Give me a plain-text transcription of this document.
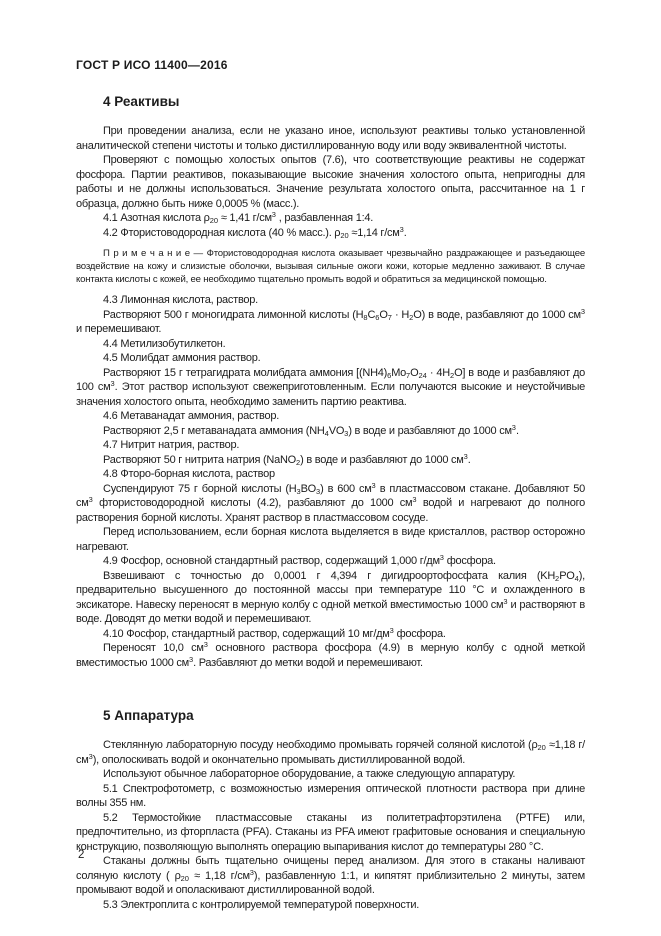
ГОСТ Р ИСО 11400—2016
4 Реактивы
При проведении анализа, если не указано иное, используют реактивы только установленной аналитической степени чистоты и только дистиллированную воду или воду эквивалентной чистоты.
Проверяют с помощью холостых опытов (7.6), что соответствующие реактивы не содержат фосфора. Партии реактивов, показывающие высокие значения холостого опыта, непригодны для работы и не должны использоваться. Значение результата холостого опыта, рассчитанное на 1 г образца, должно быть ниже 0,0005 % (масс.).
4.1 Азотная кислота $\rho_{20} \approx 1,41$ $г/см^3$ , разбавленная 1:4.
4.2 Фтористоводородная кислота (40 % масс.). $\rho_{20} \approx 1,14$ $г/см^3$.
П р и м е ч а н и е — Фтористоводородная кислота оказывает чрезвычайно раздражающее и разъедающее воздействие на кожу и слизистые оболочки, вызывая сильные ожоги кожи, которые медленно заживают. В случае контакта кислоты с кожей, ее необходимо тщательно промыть водой и обратиться за медицинской помощью.
4.3 Лимонная кислота, раствор.
Растворяют 500 г моногидрата лимонной кислоты $(H_8C_6O_7 \cdot H_2O)$ в воде, разбавляют до 1000 $см^3$ и перемешивают.
4.4 Метилизобутилкетон.
4.5 Молибдат аммония раствор.
Растворяют 15 г тетрагидрата молибдата аммония $[(NH4)_6Mo_7O_{24} \cdot 4H_2O]$ в воде и разбавляют до 100 $см^3$. Этот раствор используют свежеприготовленным. Если получаются высокие и неустойчивые значения холостого опыта, необходимо заменить партию реактива.
4.6 Метаванадат аммония, раствор.
Растворяют 2,5 г метаванадата аммония $(NH_4VO_3)$ в воде и разбавляют до 1000 $см^3$.
4.7 Нитрит натрия, раствор.
Растворяют 50 г нитрита натрия (NaNO$_2$) в воде и разбавляют до 1000 $см^3$.
4.8 Фторо-борная кислота, раствор
Суспендируют 75 г борной кислоты $(H_3BO_3)$ в 600 $см^3$ в пластмассовом стакане. Добавляют 50 $см^3$ фтористоводородной кислоты (4.2), разбавляют до 1000 $см^3$ водой и нагревают до полного растворения борной кислоты. Хранят раствор в пластмассовом сосуде.
Перед использованием, если борная кислота выделяется в виде кристаллов, раствор осторожно нагревают.
4.9 Фосфор, основной стандартный раствор, содержащий 1,000 $г/дм^3$ фосфора.
Взвешивают с точностью до 0,0001 г 4,394 г дигидроортофосфата калия $(KH_2PO_4)$, предварительно высушенного до постоянной массы при температуре 110 °С и охлажденного в эксикаторе. Навеску переносят в мерную колбу с одной меткой вместимостью 1000 $см^3$ и растворяют в воде. Доводят до метки водой и перемешивают.
4.10 Фосфор, стандартный раствор, содержащий 10 $мг/дм^3$ фосфора.
Переносят 10,0 $см^3$ основного раствора фосфора (4.9) в мерную колбу с одной меткой вместимостью 1000 $см^3$. Разбавляют до метки водой и перемешивают.
5 Аппаратура
Стеклянную лабораторную посуду необходимо промывать горячей соляной кислотой ($\rho_{20} \approx 1,18$ $г/см^3$), ополоскивать водой и окончательно промывать дистиллированной водой.
Используют обычное лабораторное оборудование, а также следующую аппаратуру.
5.1 Спектрофотометр, с возможностью измерения оптической плотности раствора при длине волны 355 нм.
5.2 Термостойкие пластмассовые стаканы из политетрафторэтилена (PTFE) или, предпочтительно, из фторпласта (PFA). Стаканы из PFA имеют графитовые основания и специальную конструкцию, позволяющую выполнять операцию выпаривания кислот до температуры 280 °С.
Стаканы должны быть тщательно очищены перед анализом. Для этого в стаканы наливают соляную кислоту ( $\rho_{20} \approx 1,18$ $г/см^3$), разбавленную 1:1, и кипятят приблизительно 2 минуты, затем промывают водой и ополаскивают дистиллированной водой.
5.3 Электроплита с контролируемой температурой поверхности.
2
